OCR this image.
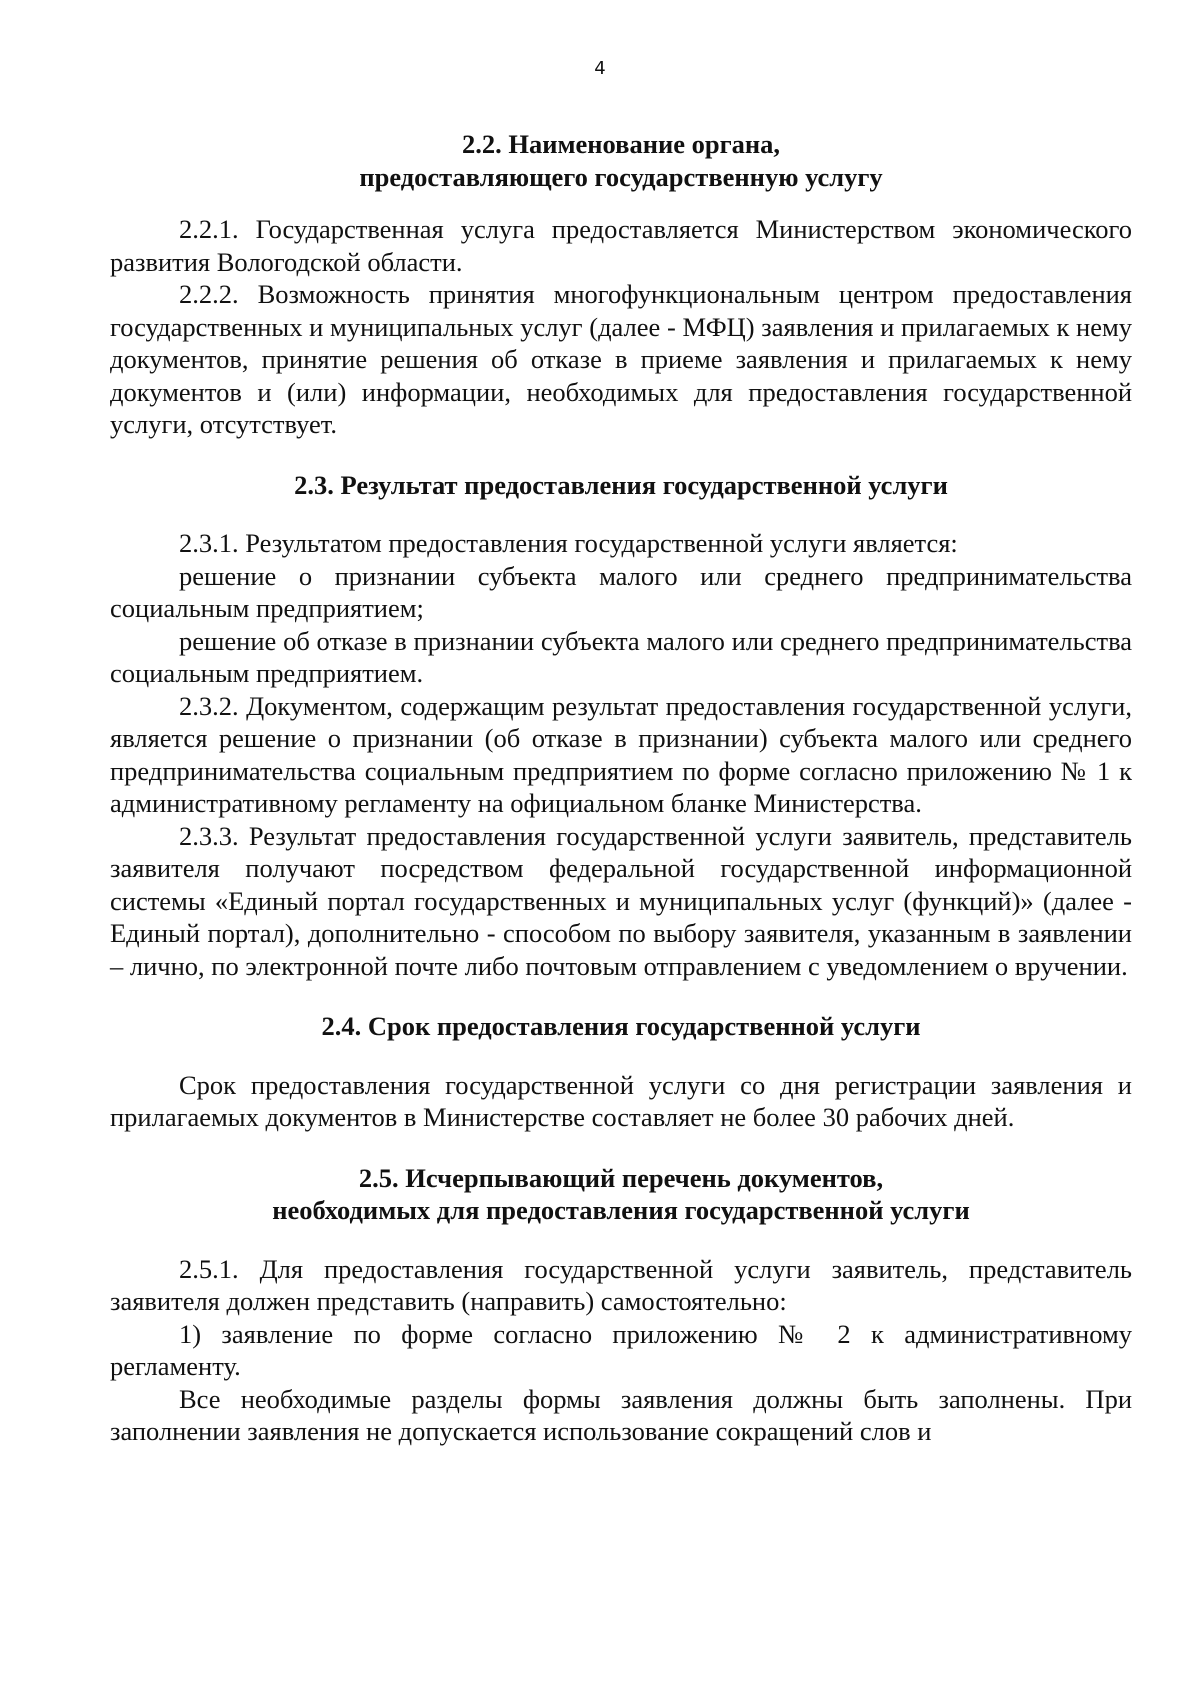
4
2.2. Наименование органа,
предоставляющего государственную услугу

2.2.1. Государственная услуга предоставляется Министерством экономического развития Вологодской области.

2.2.2. Возможность принятия многофункциональным центром предоставления государственных и муниципальных услуг (далее - МФЦ) заявления и прилагаемых к нему документов, принятие решения об отказе в приеме заявления и прилагаемых к нему документов и (или) информации, необходимых для предоставления государственной услуги, отсутствует.

2.3. Результат предоставления государственной услуги

2.3.1. Результатом предоставления государственной услуги является:

решение о признании субъекта малого или среднего предпринимательства социальным предприятием;

решение об отказе в признании субъекта малого или среднего предпринимательства социальным предприятием.

2.3.2. Документом, содержащим результат предоставления государственной услуги, является решение о признании (об отказе в признании) субъекта малого или среднего предпринимательства социальным предприятием по форме согласно приложению № 1 к административному регламенту на официальном бланке Министерства.

2.3.3. Результат предоставления государственной услуги заявитель, представитель заявителя получают посредством федеральной государственной информационной системы «Единый портал государственных и муниципальных услуг (функций)» (далее - Единый портал), дополнительно - способом по выбору заявителя, указанным в заявлении – лично, по электронной почте либо почтовым отправлением с уведомлением о вручении.

2.4. Срок предоставления государственной услуги

Срок предоставления государственной услуги со дня регистрации заявления и прилагаемых документов в Министерстве составляет не более 30 рабочих дней.

2.5. Исчерпывающий перечень документов,
необходимых для предоставления государственной услуги

2.5.1. Для предоставления государственной услуги заявитель, представитель заявителя должен представить (направить) самостоятельно:

1) заявление по форме согласно приложению № 2 к административному регламенту.

Все необходимые разделы формы заявления должны быть заполнены. При заполнении заявления не допускается использование сокращений слов и
